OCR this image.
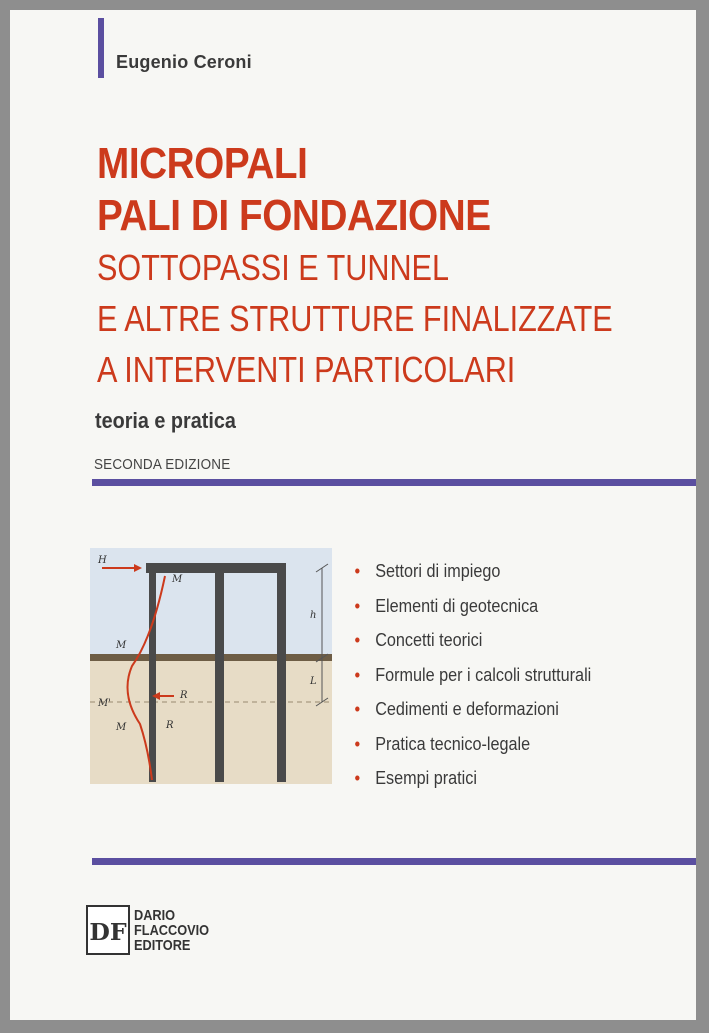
Eugenio Ceroni
MICROPALI
PALI DI FONDAZIONE
SOTTOPASSI E TUNNEL
E ALTRE STRUTTURE FINALIZZATE
A INTERVENTI PARTICOLARI
teoria e pratica
SECONDA EDIZIONE
H
M
M
M'
M
R
R
h
L
• Settori di impiego
• Elementi di geotecnica
• Concetti teorici
• Formule per i calcoli strutturali
• Cedimenti e deformazioni
• Pratica tecnico-legale
• Esempi pratici
DF
DARIO
FLACCOVIO
EDITORE
